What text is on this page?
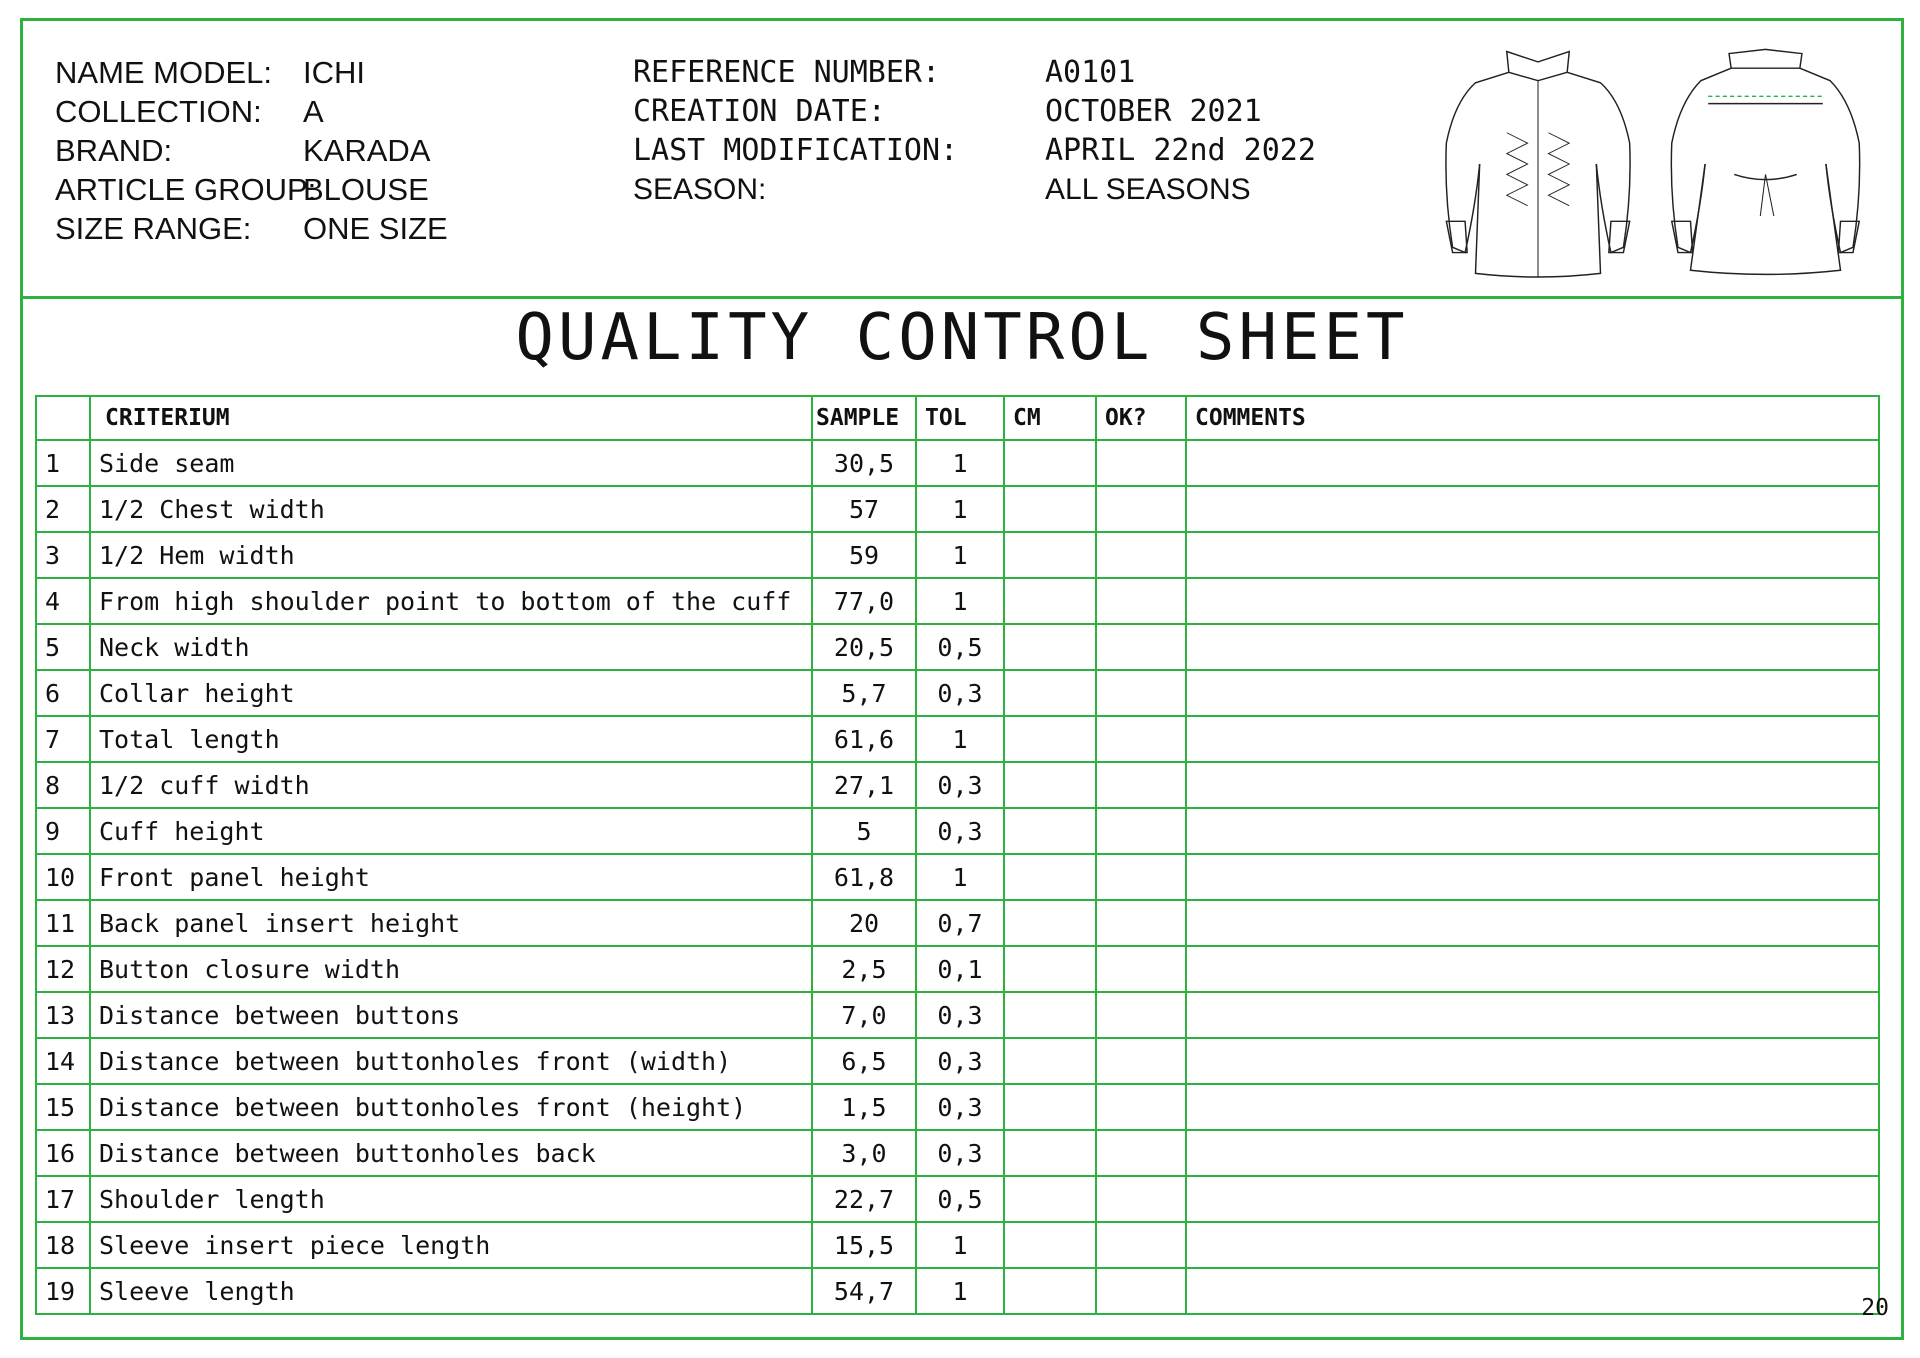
NAME MODEL: ICHI
COLLECTION:	A
BRAND:	KARADA
ARTICLE GROUP:
BLOUSE
SIZE RANGE:	ONE SIZE
REFERENCE NUMBER:	A0101
CREATION DATE:	OCTOBER 2021
LAST MODIFICATION:	APRIL 22nd 2022
SEASON:	ALL SEASONS
QUALITY CONTROL SHEET
	CRITERIUM	SAMPLE	TOL	CM	OK?	COMMENTS
1	Side seam	30,5	1			
2	1/2 Chest width	57	1			
3	1/2 Hem width	59	1			
4	From high shoulder point to bottom of the cuff	77,0	1			
5	Neck width	20,5	0,5			
6	Collar height	5,7	0,3			
7	Total length	61,6	1			
8	1/2 cuff width	27,1	0,3			
9	Cuff height	5	0,3			
10	Front panel height	61,8	1			
11	Back panel insert height	20	0,7			
12	Button closure width	2,5	0,1			
13	Distance between buttons	7,0	0,3			
14	Distance between buttonholes front (width)	6,5	0,3			
15	Distance between buttonholes front (height)	1,5	0,3			
16	Distance between buttonholes back	3,0	0,3			
17	Shoulder length	22,7	0,5			
18	Sleeve insert piece length	15,5	1			
19	Sleeve length	54,7	1			
20
